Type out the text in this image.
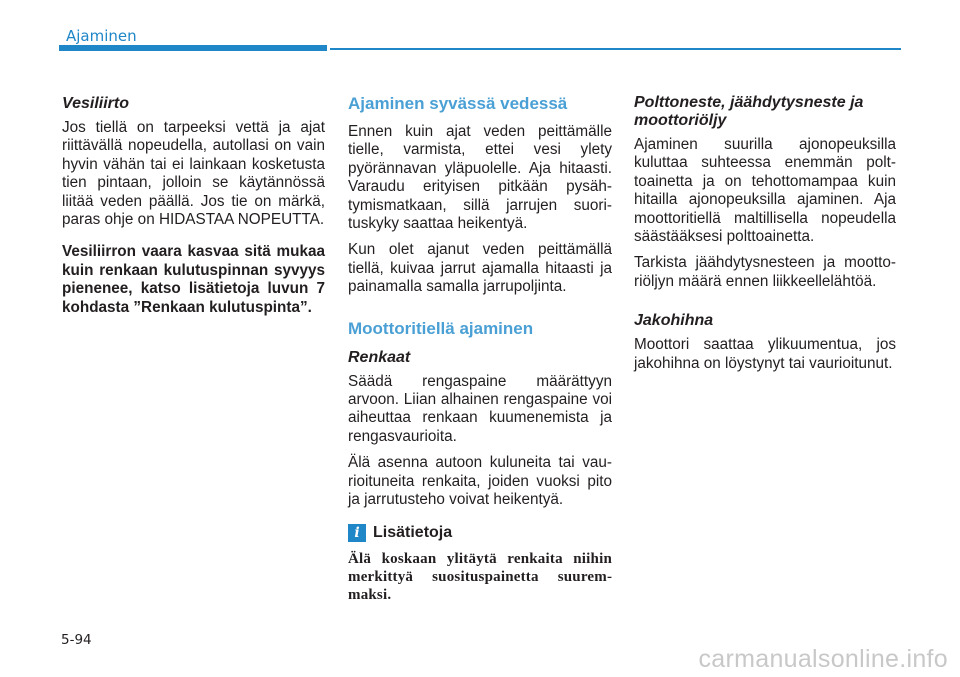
Ajaminen
Vesiliirto

Jos tiellä on tarpeeksi vettä ja ajat riittävällä nopeudella, autollasi on vain hyvin vähän tai ei lainkaan kosketusta tien pintaan, jolloin se käytännössä liitää veden päällä. Jos tie on märkä, paras ohje on HIDASTAA NOPEUTTA.

Vesiliirron vaara kasvaa sitä mukaa kuin renkaan kulutuspinnan syvyys pienenee, katso lisätietoja luvun 7 kohdasta ”Renkaan kulutuspinta”.

Ajaminen syvässä vedessä

Ennen kuin ajat veden peittämälle tielle, varmista, ettei vesi ylety pyörännavan yläpuolelle. Aja hitaasti. Varaudu erityisen pitkään pysähtymismatkaan, sillä jarrujen suorituskyky saattaa heikentyä.

Kun olet ajanut veden peittämällä tiellä, kuivaa jarrut ajamalla hitaasti ja painamalla samalla jarrupoljinta.

Moottoritiellä ajaminen
Renkaat

Säädä rengaspaine määrättyyn arvoon. Liian alhainen rengaspaine voi aiheuttaa renkaan kuumenemista ja rengasvaurioita.

Älä asenna autoon kuluneita tai vaurioituneita renkaita, joiden vuoksi pito ja jarrutusteho voivat heikentyä.

i Lisätietoja

Älä koskaan ylitäytä renkaita niihin merkittyä suosituspainetta suuremmaksi.

Polttoneste, jäähdytysneste ja moottoriöljy

Ajaminen suurilla ajonopeuksilla kuluttaa suhteessa enemmän polttoainetta ja on tehottomampaa kuin hitailla ajonopeuksilla ajaminen. Aja moottoritiellä maltillisella nopeudella säästääksesi polttoainetta.

Tarkista jäähdytysnesteen ja moottoriöljyn määrä ennen liikkeellelähtöä.

Jakohihna

Moottori saattaa ylikuumentua, jos jakohihna on löystynyt tai vaurioitunut.

5-94
carmanualsonline.info
